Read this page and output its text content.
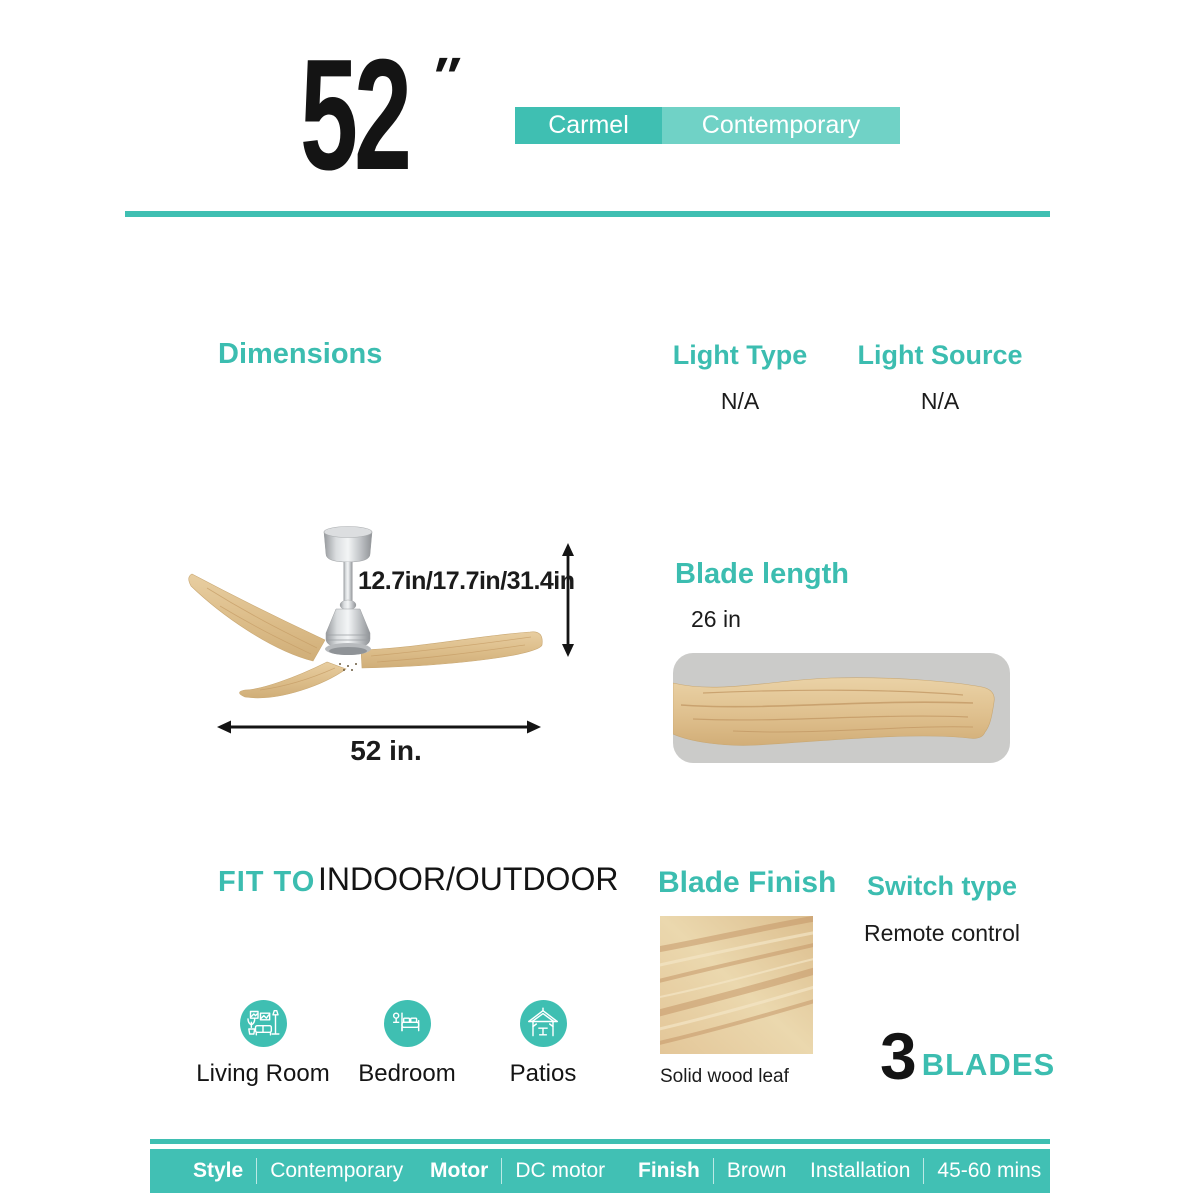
52 ″
Carmel	Contemporary
Dimensions	Light Type
N/A
Light Source
N/A
12.7in/17.7in/31.4in
52 in.
Blade length
26 in
FIT TO INDOOR/OUTDOOR
Living Room Bedroom Patios
Blade Finish
Solid wood leaf
Switch type
Remote control
3 BLADES
Style Contemporary Motor DC motor Finish Brown Installation 45-60 mins
